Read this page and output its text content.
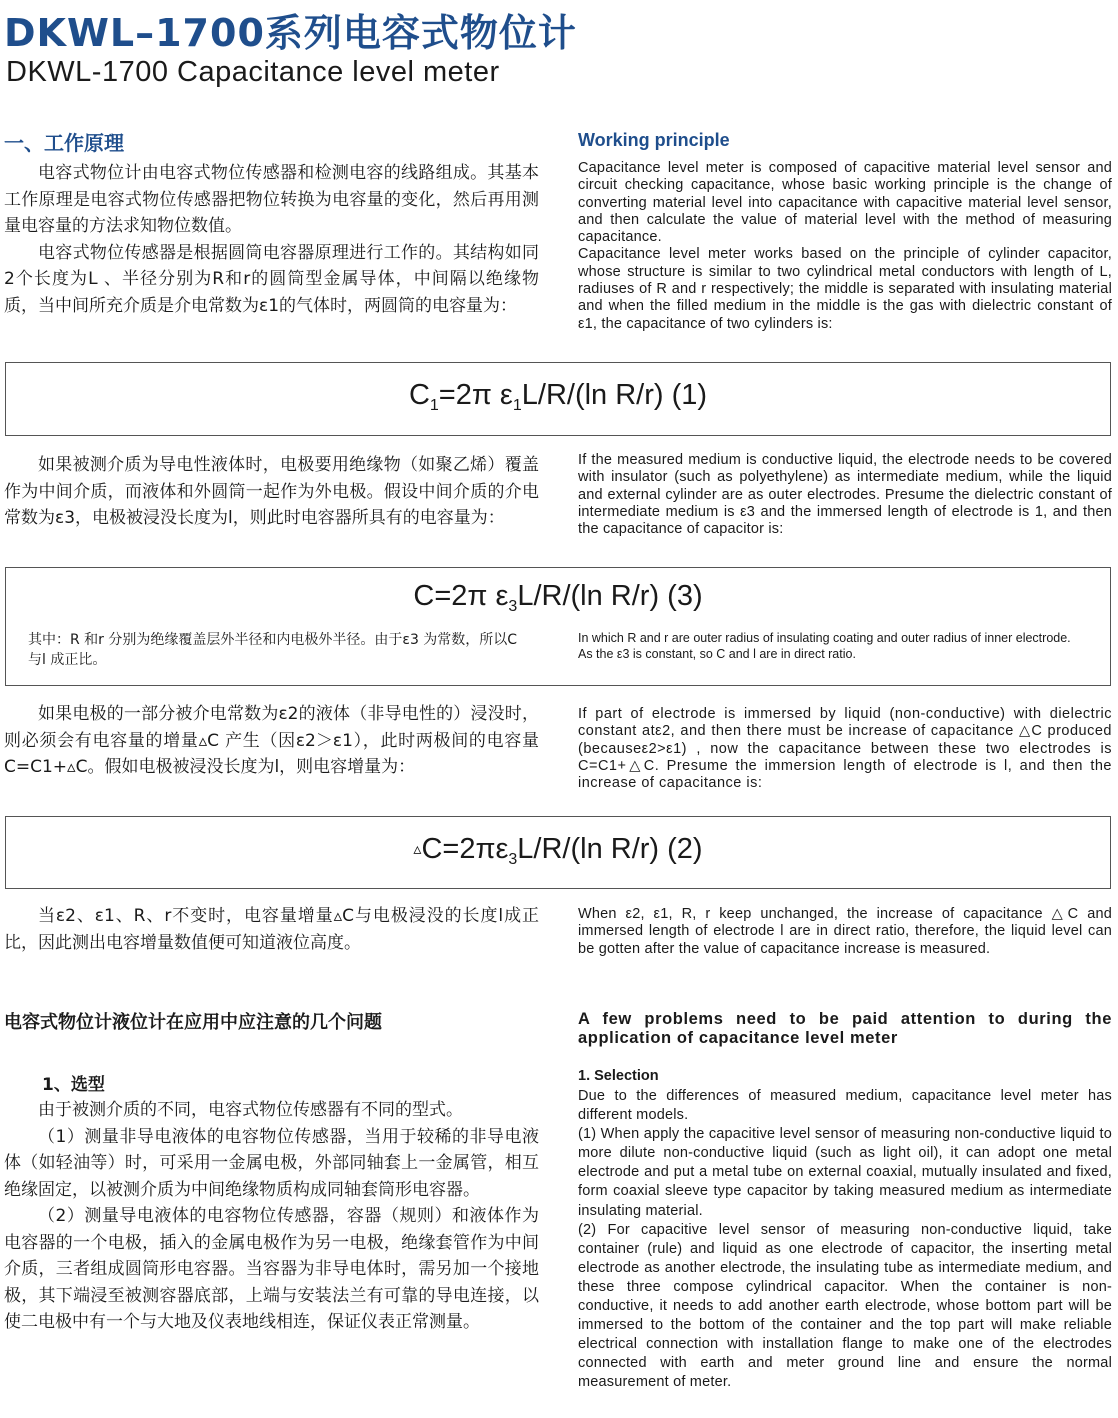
DKWL–1700系列电容式物位计
DKWL-1700 Capacitance level meter
一、工作原理	Working principle

电容式物位计由电容式物位传感器和检测电容的线路组成。其基本工作原理是电容式物位传感器把物位转换为电容量的变化，然后再用测量电容量的方法求知物位数值。

电容式物位传感器是根据圆筒电容器原理进行工作的。其结构如同2个长度为L 、半径分别为R和r的圆筒型金属导体，中间隔以绝缘物质，当中间所充介质是介电常数为ε1的气体时，两圆筒的电容量为：

Capacitance level meter is composed of capacitive material level sensor and circuit checking capacitance, whose basic working principle is the change of converting material level into capacitance with capacitive material level sensor, and then calculate the value of material level with the method of measuring capacitance.

Capacitance level meter works based on the principle of cylinder capacitor, whose structure is similar to two cylindrical metal conductors with length of L, radiuses of R and r respectively; the middle is separated with insulating material and when the filled medium in the middle is the gas with dielectric constant of ε1, the capacitance of two cylinders is:

$C_1=2\pi$ $\varepsilon_1L/R/(\ln$ R/r) (1)

如果被测介质为导电性液体时，电极要用绝缘物（如聚乙烯）覆盖作为中间介质，而液体和外圆筒一起作为外电极。假设中间介质的介电常数为ε3，电极被浸没长度为l，则此时电容器所具有的电容量为：

If the measured medium is conductive liquid, the electrode needs to be covered with insulator (such as polyethylene) as intermediate medium, while the liquid and external cylinder are as outer electrodes. Presume the dielectric constant of intermediate medium is ε3 and the immersed length of electrode is 1, and then the capacitance of capacitor is:

C=2π $\varepsilon_3L/R/(\ln$ R/r) (3)
其中：R 和r 分别为绝缘覆盖层外半径和内电极外半径。由于ε3 为常数，所以C 与l 成正比。
In which R and r are outer radius of insulating coating and outer radius of inner electrode. As the ε3 is constant, so C and l are in direct ratio.

如果电极的一部分被介电常数为ε2的液体（非导电性的）浸没时，则必须会有电容量的增量▵C 产生（因ε2＞ε1），此时两极间的电容量C=C1+▵C。假如电极被浸没长度为l，则电容增量为：

If part of electrode is immersed by liquid (non-conductive) with dielectric constant atε2, and then there must be increase of capacitance △C produced (becauseε2>ε1) , now the capacitance between these two electrodes is C=C1+△C. Presume the immersion length of electrode is l, and then the increase of capacitance is:

$▵C=2\pi\varepsilon_3L/R/(\ln$ R/r) (2)

当ε2、ε1、R、r不变时，电容量增量▵C与电极浸没的长度l成正比，因此测出电容增量数值便可知道液位高度。

When ε2, ε1, R, r keep unchanged, the increase of capacitance △C and immersed length of electrode l are in direct ratio, therefore, the liquid level can be gotten after the value of capacitance increase is measured.

电容式物位计液位计在应用中应注意的几个问题	A few problems need to be paid attention to during the application of capacitance level meter
1、选型	1. Selection

由于被测介质的不同，电容式物位传感器有不同的型式。

（1）测量非导电液体的电容物位传感器，当用于较稀的非导电液体（如轻油等）时，可采用一金属电极，外部同轴套上一金属管，相互绝缘固定，以被测介质为中间绝缘物质构成同轴套筒形电容器。

（2）测量导电液体的电容物位传感器，容器（规则）和液体作为电容器的一个电极，插入的金属电极作为另一电极，绝缘套管作为中间介质，三者组成圆筒形电容器。当容器为非导电体时，需另加一个接地极，其下端浸至被测容器底部，上端与安装法兰有可靠的导电连接，以使二电极中有一个与大地及仪表地线相连，保证仪表正常测量。

Due to the differences of measured medium, capacitance level meter has different models.

(1) When apply the capacitive level sensor of measuring non-conductive liquid to more dilute non-conductive liquid (such as light oil), it can adopt one metal electrode and put a metal tube on external coaxial, mutually insulated and fixed, form coaxial sleeve type capacitor by taking measured medium as intermediate insulating material.

(2) For capacitive level sensor of measuring non-conductive liquid, take container (rule) and liquid as one electrode of capacitor, the inserting metal electrode as another electrode, the insulating tube as intermediate medium, and these three compose cylindrical capacitor. When the container is non-conductive, it needs to add another earth electrode, whose bottom part will be immersed to the bottom of the container and the top part will make reliable electrical connection with installation flange to make one of the electrodes connected with earth and meter ground line and ensure the normal measurement of meter.
